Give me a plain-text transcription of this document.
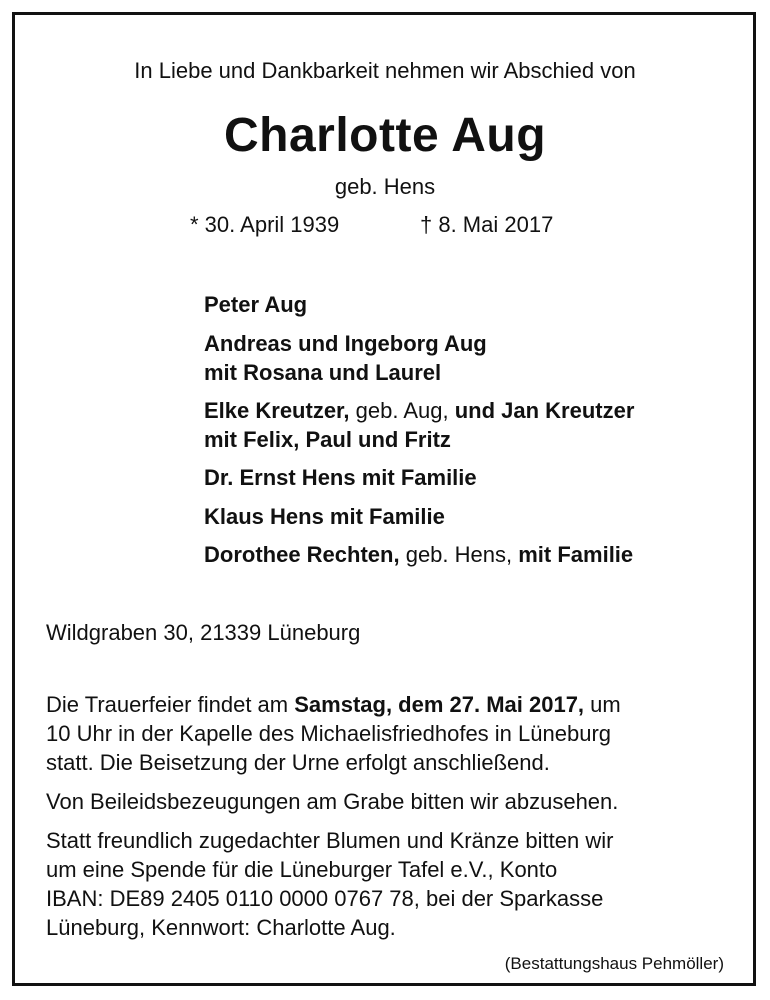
In Liebe und Dankbarkeit nehmen wir Abschied von
Charlotte Aug
geb. Hens
* 30. April 1939	† 8. Mai 2017
Peter Aug
Andreas und Ingeborg Aug
mit Rosana und Laurel
Elke Kreutzer, geb. Aug, und Jan Kreutzer
mit Felix, Paul und Fritz
Dr. Ernst Hens mit Familie
Klaus Hens mit Familie
Dorothee Rechten, geb. Hens, mit Familie
Wildgraben 30, 21339 Lüneburg
Die Trauerfeier findet am Samstag, dem 27. Mai 2017, um
10 Uhr in der Kapelle des Michaelisfriedhofes in Lüneburg
statt. Die Beisetzung der Urne erfolgt anschließend.
Von Beileidsbezeugungen am Grabe bitten wir abzusehen.
Statt freundlich zugedachter Blumen und Kränze bitten wir
um eine Spende für die Lüneburger Tafel e.V., Konto
IBAN: DE89 2405 0110 0000 0767 78, bei der Sparkasse
Lüneburg, Kennwort: Charlotte Aug.
(Bestattungshaus Pehmöller)
